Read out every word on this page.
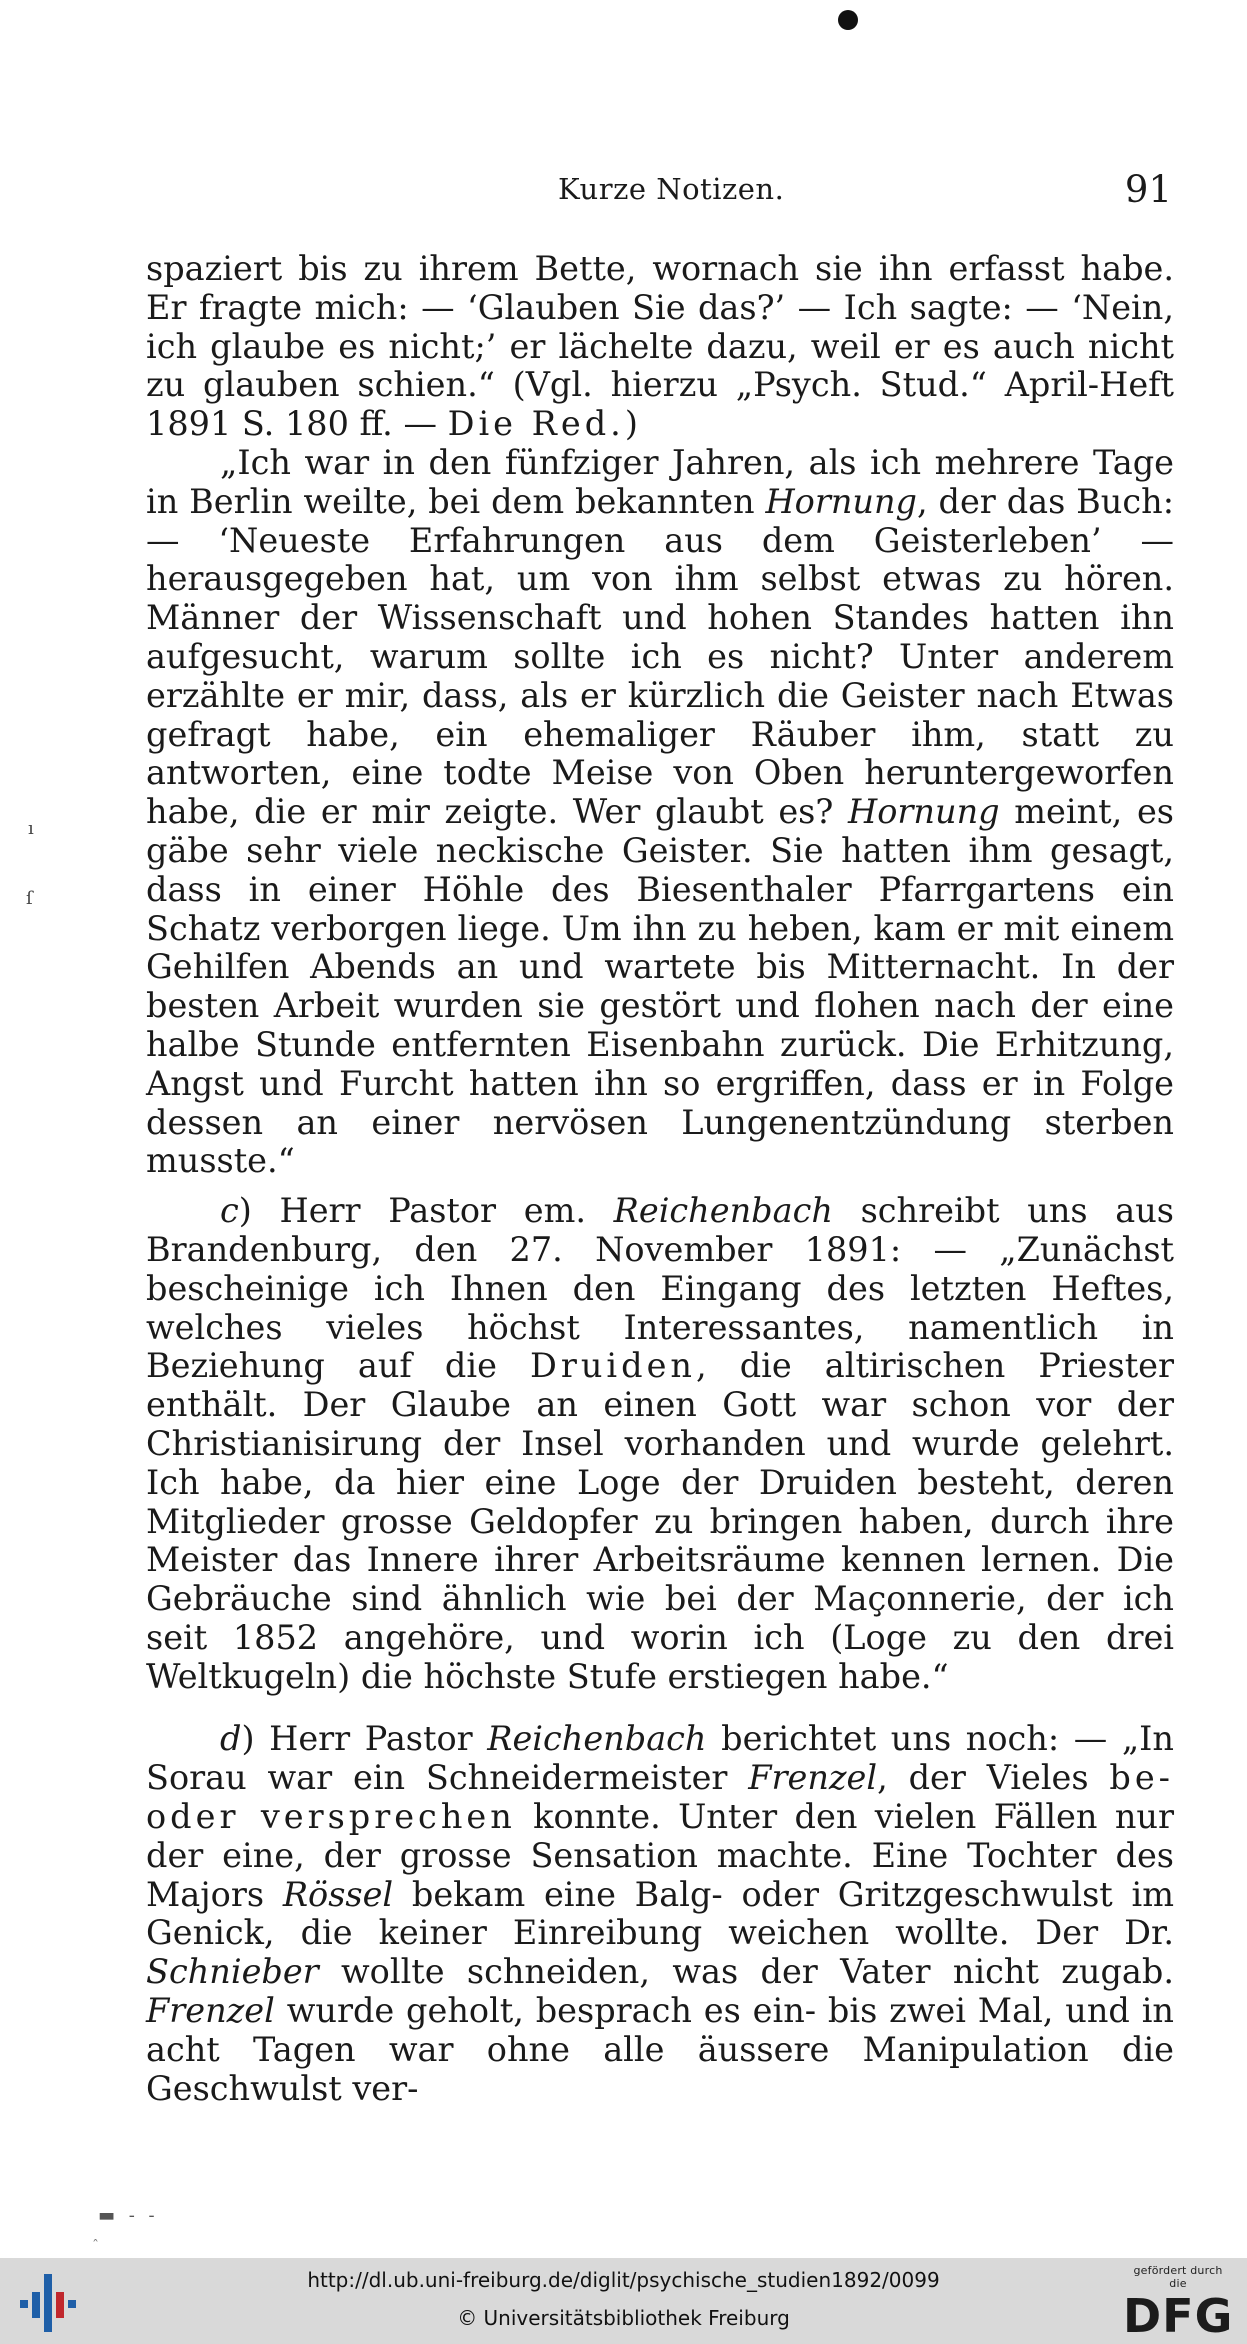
Kurze Notizen.	91
ı
ſ

spaziert bis zu ihrem Bette, wornach sie ihn erfasst habe. Er fragte mich: — ‘Glauben Sie das?’ — Ich sagte: — ‘Nein, ich glaube es nicht;’ er lächelte dazu, weil er es auch nicht zu glauben schien.“ (Vgl. hierzu „Psych. Stud.“ April-Heft 1891 S. 180 ff. — Die Red.)

„Ich war in den fünfziger Jahren, als ich mehrere Tage in Berlin weilte, bei dem bekannten Hornung, der das Buch: — ‘Neueste Erfahrungen aus dem Geisterleben’ — herausgegeben hat, um von ihm selbst etwas zu hören. Männer der Wissenschaft und hohen Standes hatten ihn aufgesucht, warum sollte ich es nicht? Unter anderem erzählte er mir, dass, als er kürzlich die Geister nach Etwas gefragt habe, ein ehemaliger Räuber ihm, statt zu antworten, eine todte Meise von Oben heruntergeworfen habe, die er mir zeigte. Wer glaubt es? Hornung meint, es gäbe sehr viele neckische Geister. Sie hatten ihm gesagt, dass in einer Höhle des Biesenthaler Pfarrgartens ein Schatz verborgen liege. Um ihn zu heben, kam er mit einem Gehilfen Abends an und wartete bis Mitternacht. In der besten Arbeit wurden sie gestört und flohen nach der eine halbe Stunde entfernten Eisenbahn zurück. Die Erhitzung, Angst und Furcht hatten ihn so ergriffen, dass er in Folge dessen an einer nervösen Lungenentzündung sterben musste.“

c) Herr Pastor em. Reichenbach schreibt uns aus Brandenburg, den 27. November 1891: — „Zunächst bescheinige ich Ihnen den Eingang des letzten Heftes, welches vieles höchst Interessantes, namentlich in Beziehung auf die Druiden, die altirischen Priester enthält. Der Glaube an einen Gott war schon vor der Christianisirung der Insel vorhanden und wurde gelehrt. Ich habe, da hier eine Loge der Druiden besteht, deren Mitglieder grosse Geldopfer zu bringen haben, durch ihre Meister das Innere ihrer Arbeitsräume kennen lernen. Die Gebräuche sind ähnlich wie bei der Maçonnerie, der ich seit 1852 angehöre, und worin ich (Loge zu den drei Weltkugeln) die höchste Stufe erstiegen habe.“

d) Herr Pastor Reichenbach berichtet uns noch: — „In Sorau war ein Schneidermeister Frenzel, der Vieles be- oder versprechen konnte. Unter den vielen Fällen nur der eine, der grosse Sensation machte. Eine Tochter des Majors Rössel bekam eine Balg- oder Gritzgeschwulst im Genick, die keiner Einreibung weichen wollte. Der Dr. Schnieber wollte schneiden, was der Vater nicht zugab. Frenzel wurde geholt, besprach es ein- bis zwei Mal, und in acht Tagen war ohne alle äussere Manipulation die Geschwulst ver-

▬ ‐ ‐
ˆ
http://dl.ub.uni-freiburg.de/diglit/psychische_studien1892/0099
© Universitätsbibliothek Freiburg
gefördert durch die
DFG
